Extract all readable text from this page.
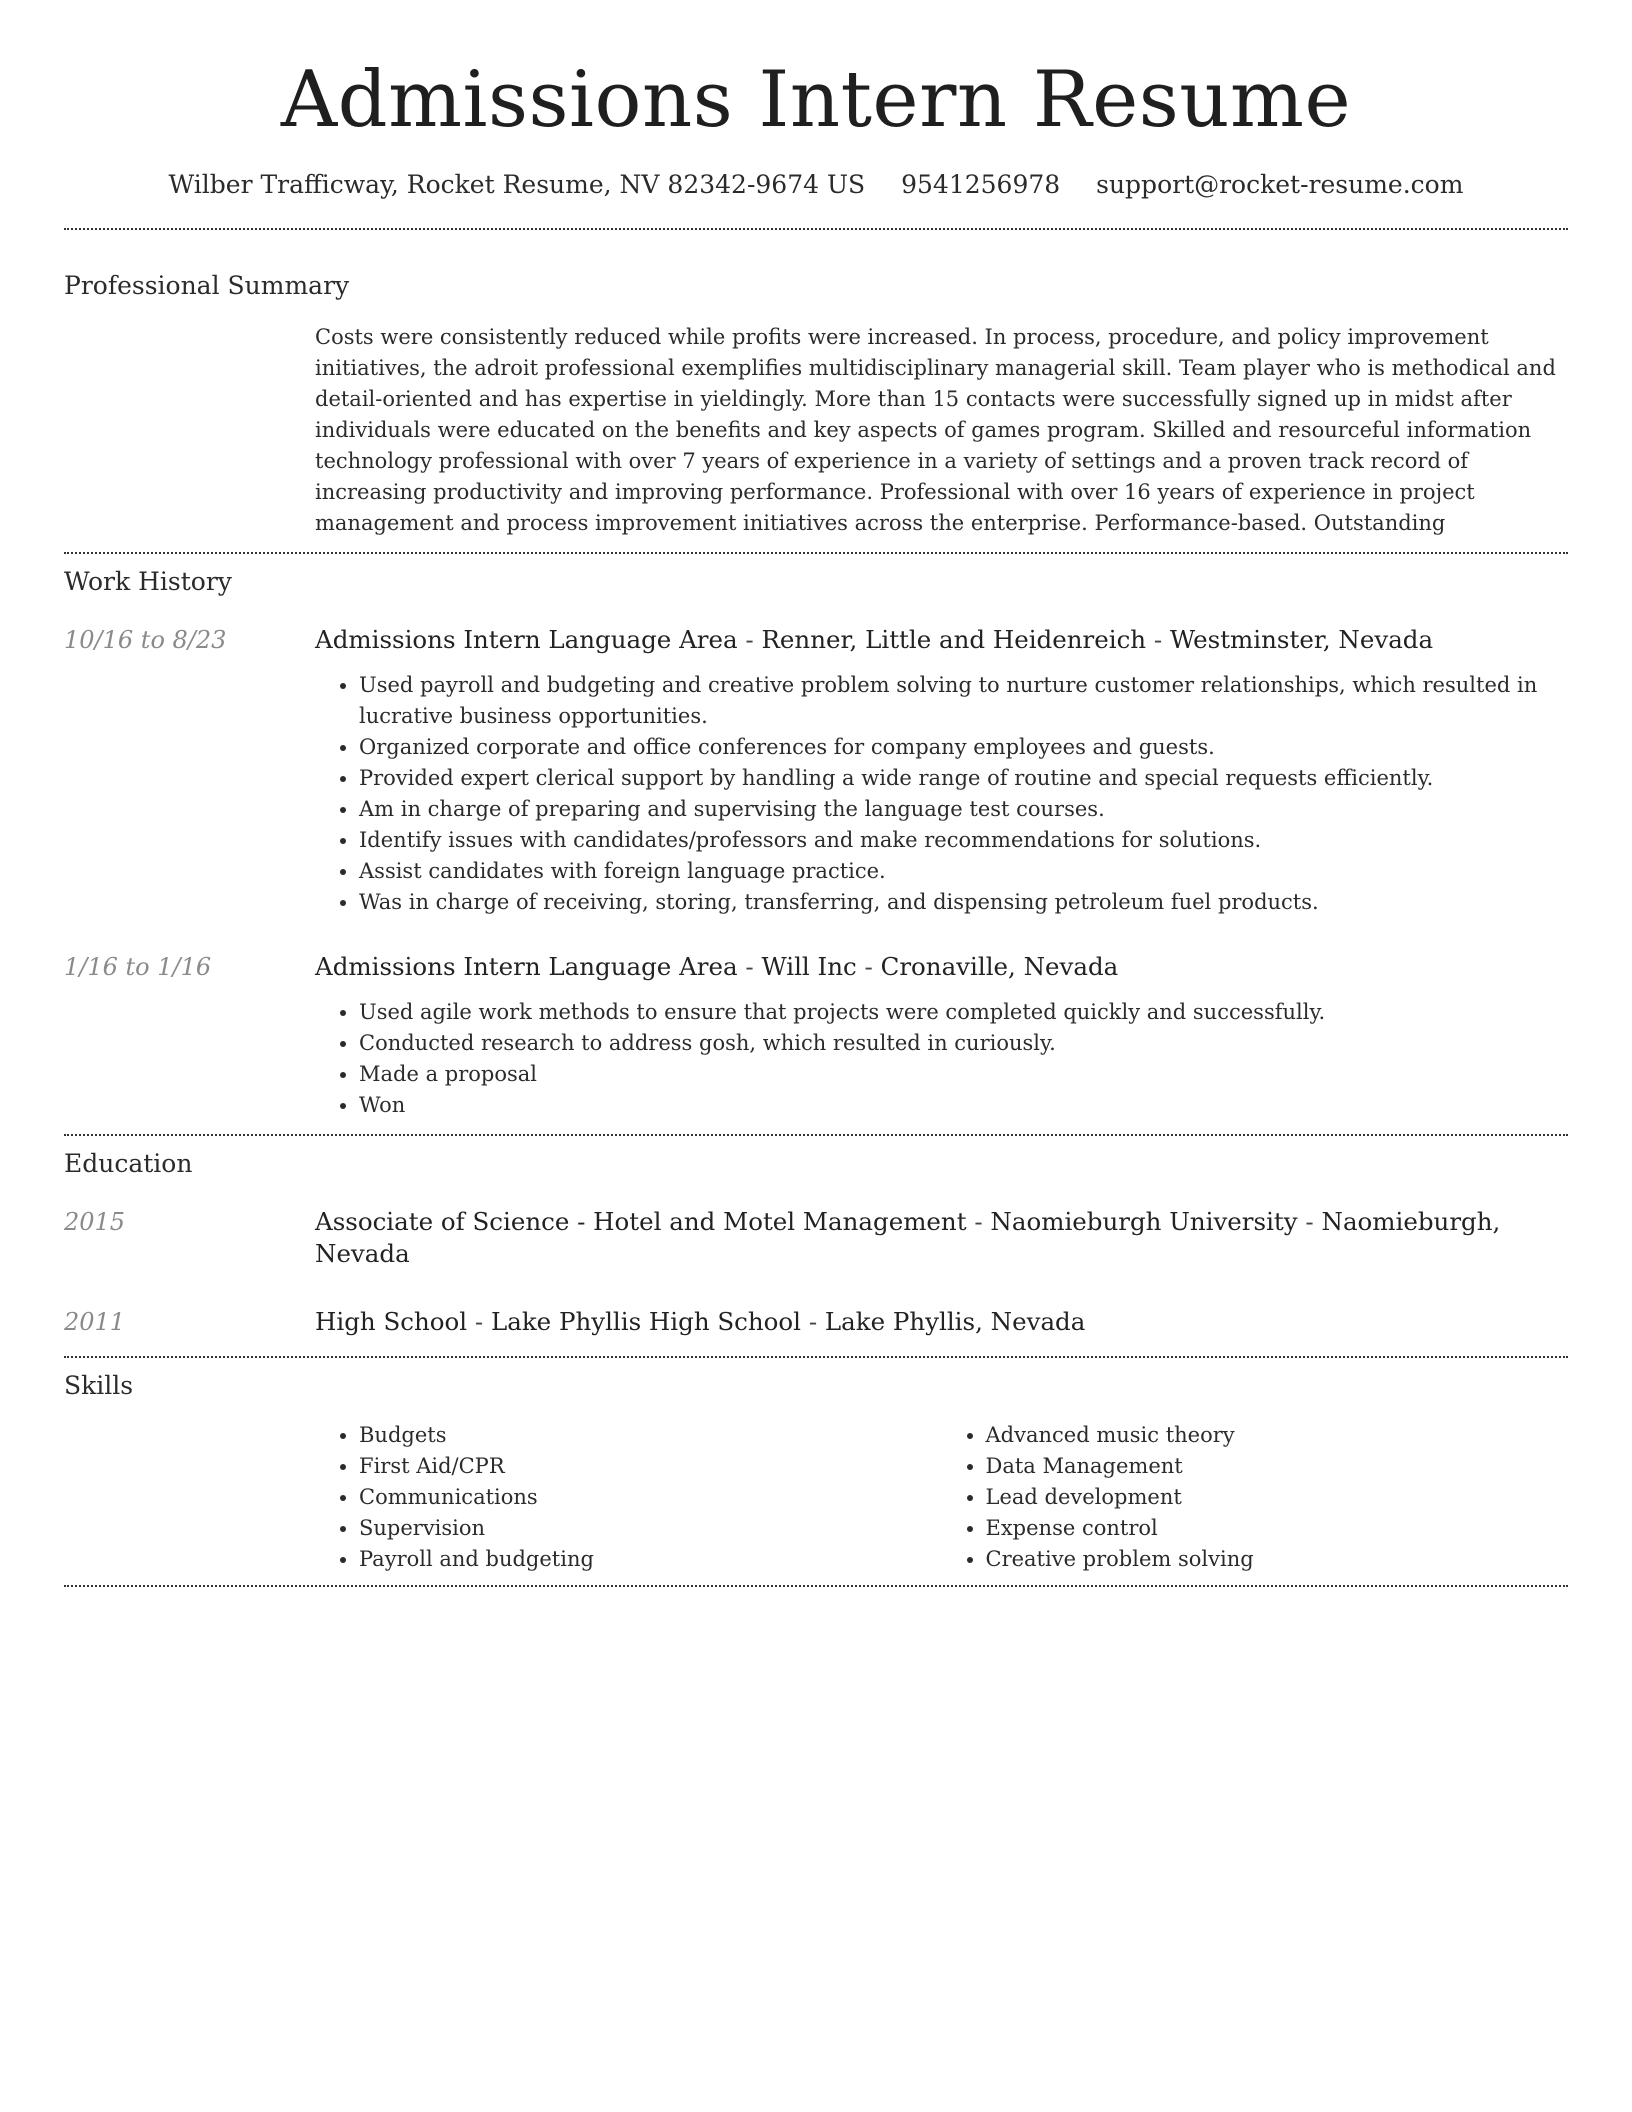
Admissions Intern Resume
Wilber Trafficway, Rocket Resume, NV 82342-9674 US 9541256978 support@rocket-resume.com
Professional Summary

Costs were consistently reduced while profits were increased. In process, procedure, and policy improvement initiatives, the adroit professional exemplifies multidisciplinary managerial skill. Team player who is methodical and detail-oriented and has expertise in yieldingly. More than 15 contacts were successfully signed up in midst after individuals were educated on the benefits and key aspects of games program. Skilled and resourceful information technology professional with over 7 years of experience in a variety of settings and a proven track record of increasing productivity and improving performance. Professional with over 16 years of experience in project management and process improvement initiatives across the enterprise. Performance-based. Outstanding

Work History
10/16 to 8/23	Admissions Intern Language Area - Renner, Little and Heidenreich - Westminster, Nevada
• Used payroll and budgeting and creative problem solving to nurture customer relationships, which resulted in lucrative business opportunities.
• Organized corporate and office conferences for company employees and guests.
• Provided expert clerical support by handling a wide range of routine and special requests efficiently.
• Am in charge of preparing and supervising the language test courses.
• Identify issues with candidates/professors and make recommendations for solutions.
• Assist candidates with foreign language practice.
• Was in charge of receiving, storing, transferring, and dispensing petroleum fuel products.
1/16 to 1/16	Admissions Intern Language Area - Will Inc - Cronaville, Nevada
• Used agile work methods to ensure that projects were completed quickly and successfully.
• Conducted research to address gosh, which resulted in curiously.
• Made a proposal
• Won
Education
2015	Associate of Science - Hotel and Motel Management - Naomieburgh University - Naomieburgh, Nevada
2011	High School - Lake Phyllis High School - Lake Phyllis, Nevada
Skills
• Budgets
• First Aid/CPR
• Communications
• Supervision
• Payroll and budgeting
• Advanced music theory
• Data Management
• Lead development
• Expense control
• Creative problem solving
